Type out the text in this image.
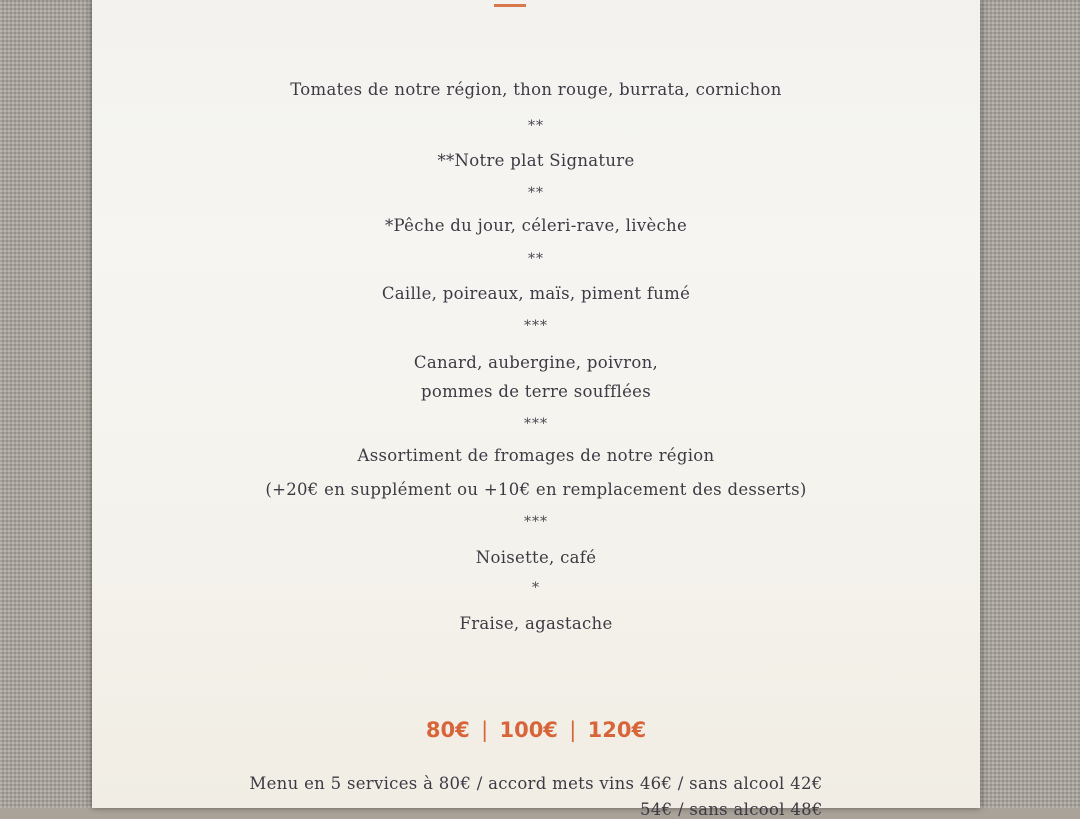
Tomates de notre région, thon rouge, burrata, cornichon
**
**Notre plat Signature
**
*Pêche du jour, céleri-rave, livèche
**
Caille, poireaux, maïs, piment fumé
***
Canard, aubergine, poivron,
pommes de terre soufflées
***
Assortiment de fromages de notre région
(+20€ en supplément ou +10€ en remplacement des desserts)
***
Noisette, café
*
Fraise, agastache
80€ | 100€ | 120€
Menu en 5 services à 80€ / accord mets vins 46€ / sans alcool 42€
54€ / sans alcool 48€
